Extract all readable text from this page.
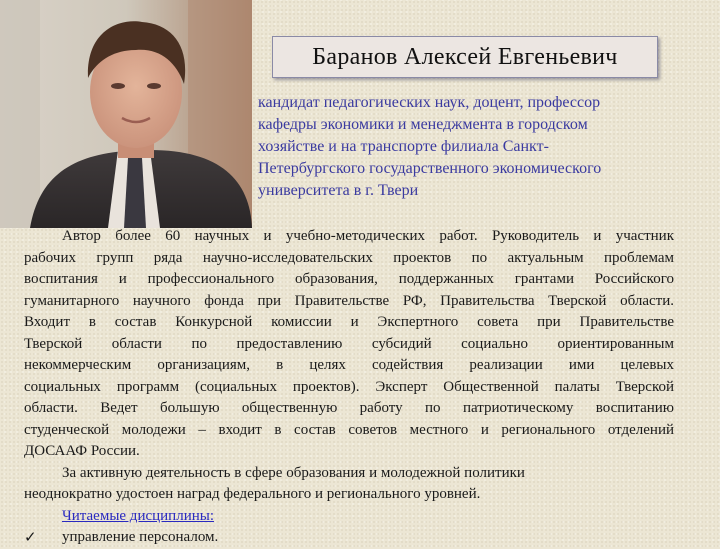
Баранов Алексей Евгеньевич
кандидат педагогических наук, доцент, профессор
кафедры экономики и менеджмента в городском
хозяйстве и на транспорте филиала Санкт-
Петербургского государственного экономического
университета в г. Твери
Автор более 60 научных и учебно-методических работ. Руководитель и участник
рабочих групп ряда научно-исследовательских проектов по актуальным проблемам
воспитания и профессионального образования, поддержанных грантами Российского
гуманитарного научного фонда при Правительстве РФ, Правительства Тверской области.
Входит в состав Конкурсной комиссии и Экспертного совета при Правительстве
Тверской области по предоставлению субсидий социально ориентированным
некоммерческим организациям, в целях содействия реализации ими целевых
социальных программ (социальных проектов). Эксперт Общественной палаты Тверской
области. Ведет большую общественную работу по патриотическому воспитанию
студенческой молодежи – входит в состав советов местного и регионального отделений
ДОСААФ России.
За активную деятельность в сфере образования и молодежной политики
неоднократно удостоен наград федерального и регионального уровней.
Читаемые дисциплины:
✓	управление персоналом.
